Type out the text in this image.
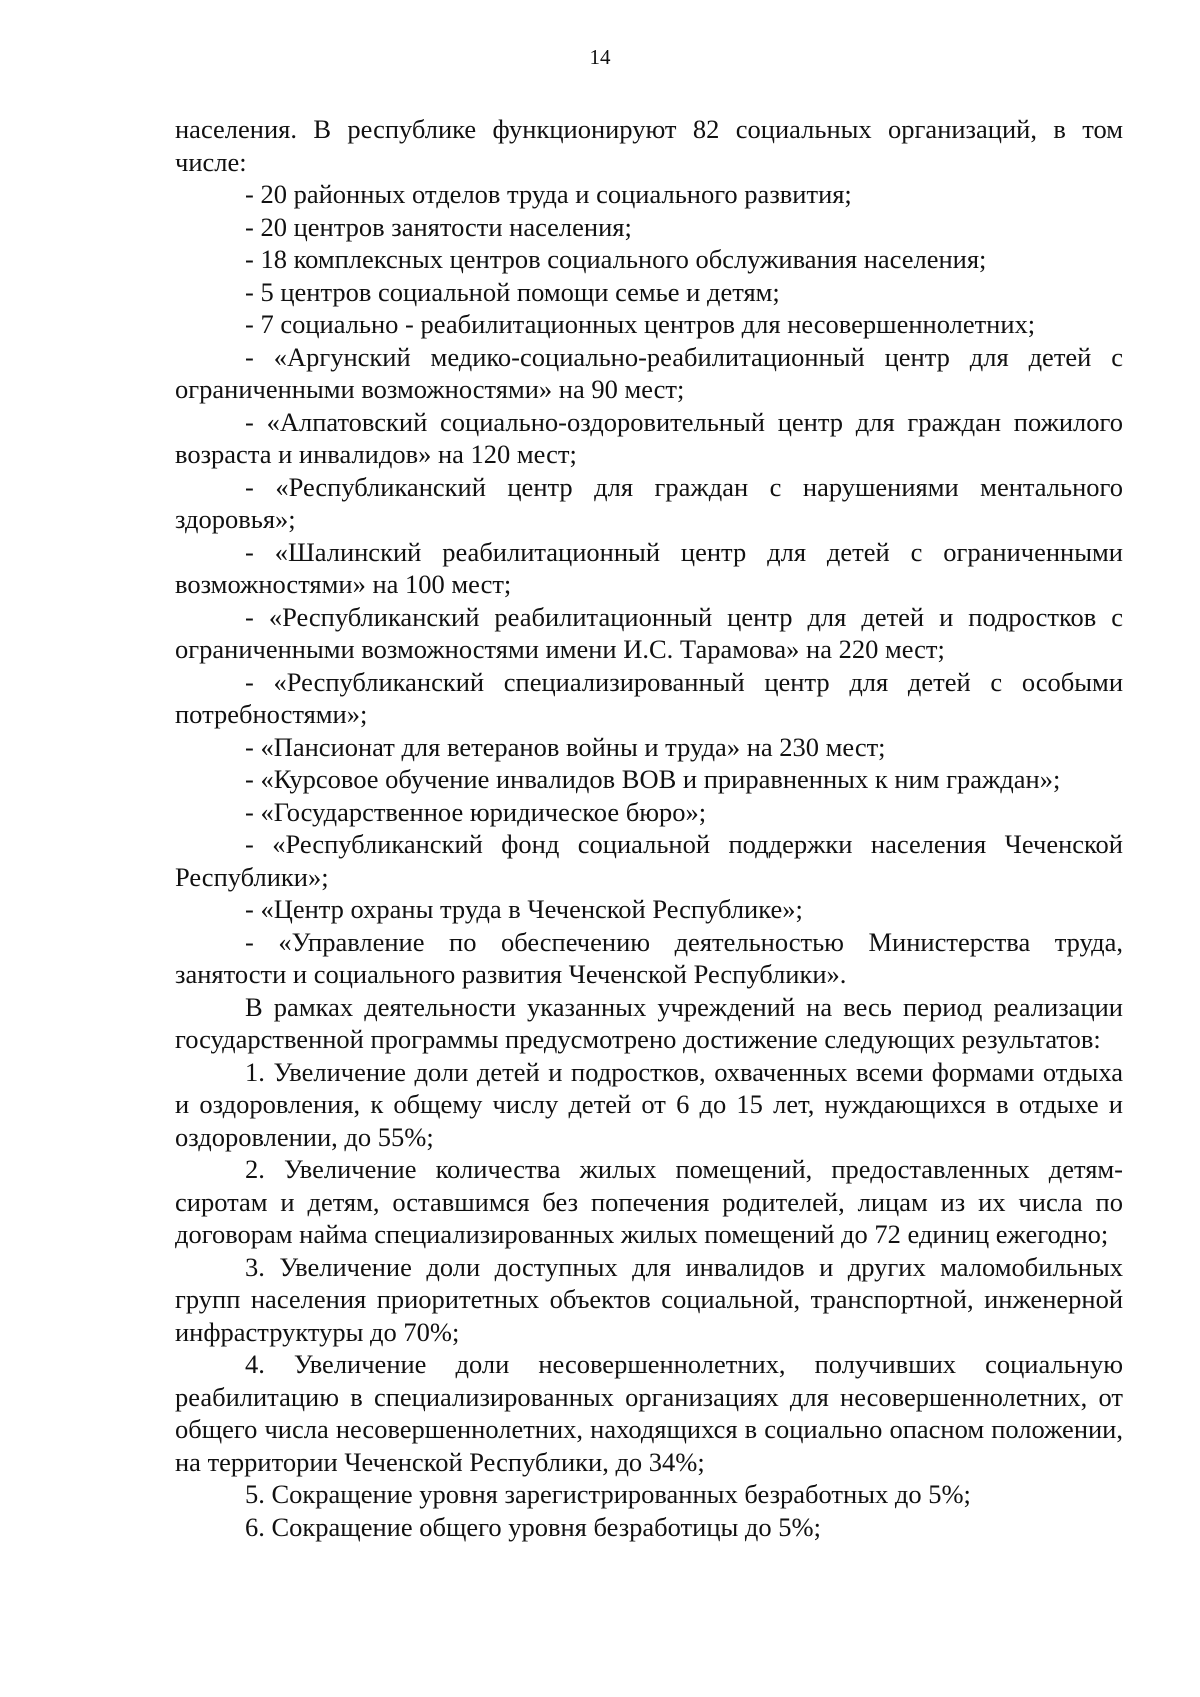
14

населения. В республике функционируют 82 социальных организаций, в том числе:

- 20 районных отделов труда и социального развития;

- 20 центров занятости населения;

- 18 комплексных центров социального обслуживания населения;

- 5 центров социальной помощи семье и детям;

- 7 социально - реабилитационных центров для несовершеннолетних;

- «Аргунский медико-социально-реабилитационный центр для детей с ограниченными возможностями» на 90 мест;

- «Алпатовский социально-оздоровительный центр для граждан пожилого возраста и инвалидов» на 120 мест;

- «Республиканский центр для граждан с нарушениями ментального здоровья»;

- «Шалинский реабилитационный центр для детей с ограниченными возможностями» на 100 мест;

- «Республиканский реабилитационный центр для детей и подростков с ограниченными возможностями имени И.С. Тарамова» на 220 мест;

- «Республиканский специализированный центр для детей с особыми потребностями»;

- «Пансионат для ветеранов войны и труда» на 230 мест;

- «Курсовое обучение инвалидов ВОВ и приравненных к ним граждан»;

- «Государственное юридическое бюро»;

- «Республиканский фонд социальной поддержки населения Чеченской Республики»;

- «Центр охраны труда в Чеченской Республике»;

- «Управление по обеспечению деятельностью Министерства труда, занятости и социального развития Чеченской Республики».

В рамках деятельности указанных учреждений на весь период реализации государственной программы предусмотрено достижение следующих результатов:

1. Увеличение доли детей и подростков, охваченных всеми формами отдыха и оздоровления, к общему числу детей от 6 до 15 лет, нуждающихся в отдыхе и оздоровлении, до 55%;

2. Увеличение количества жилых помещений, предоставленных детям-сиротам и детям, оставшимся без попечения родителей, лицам из их числа по договорам найма специализированных жилых помещений до 72 единиц ежегодно;

3. Увеличение доли доступных для инвалидов и других маломобильных групп населения приоритетных объектов социальной, транспортной, инженерной инфраструктуры до 70%;

4. Увеличение доли несовершеннолетних, получивших социальную реабилитацию в специализированных организациях для несовершеннолетних, от общего числа несовершеннолетних, находящихся в социально опасном положении, на территории Чеченской Республики, до 34%;

5. Сокращение уровня зарегистрированных безработных до 5%;

6. Сокращение общего уровня безработицы до 5%;
